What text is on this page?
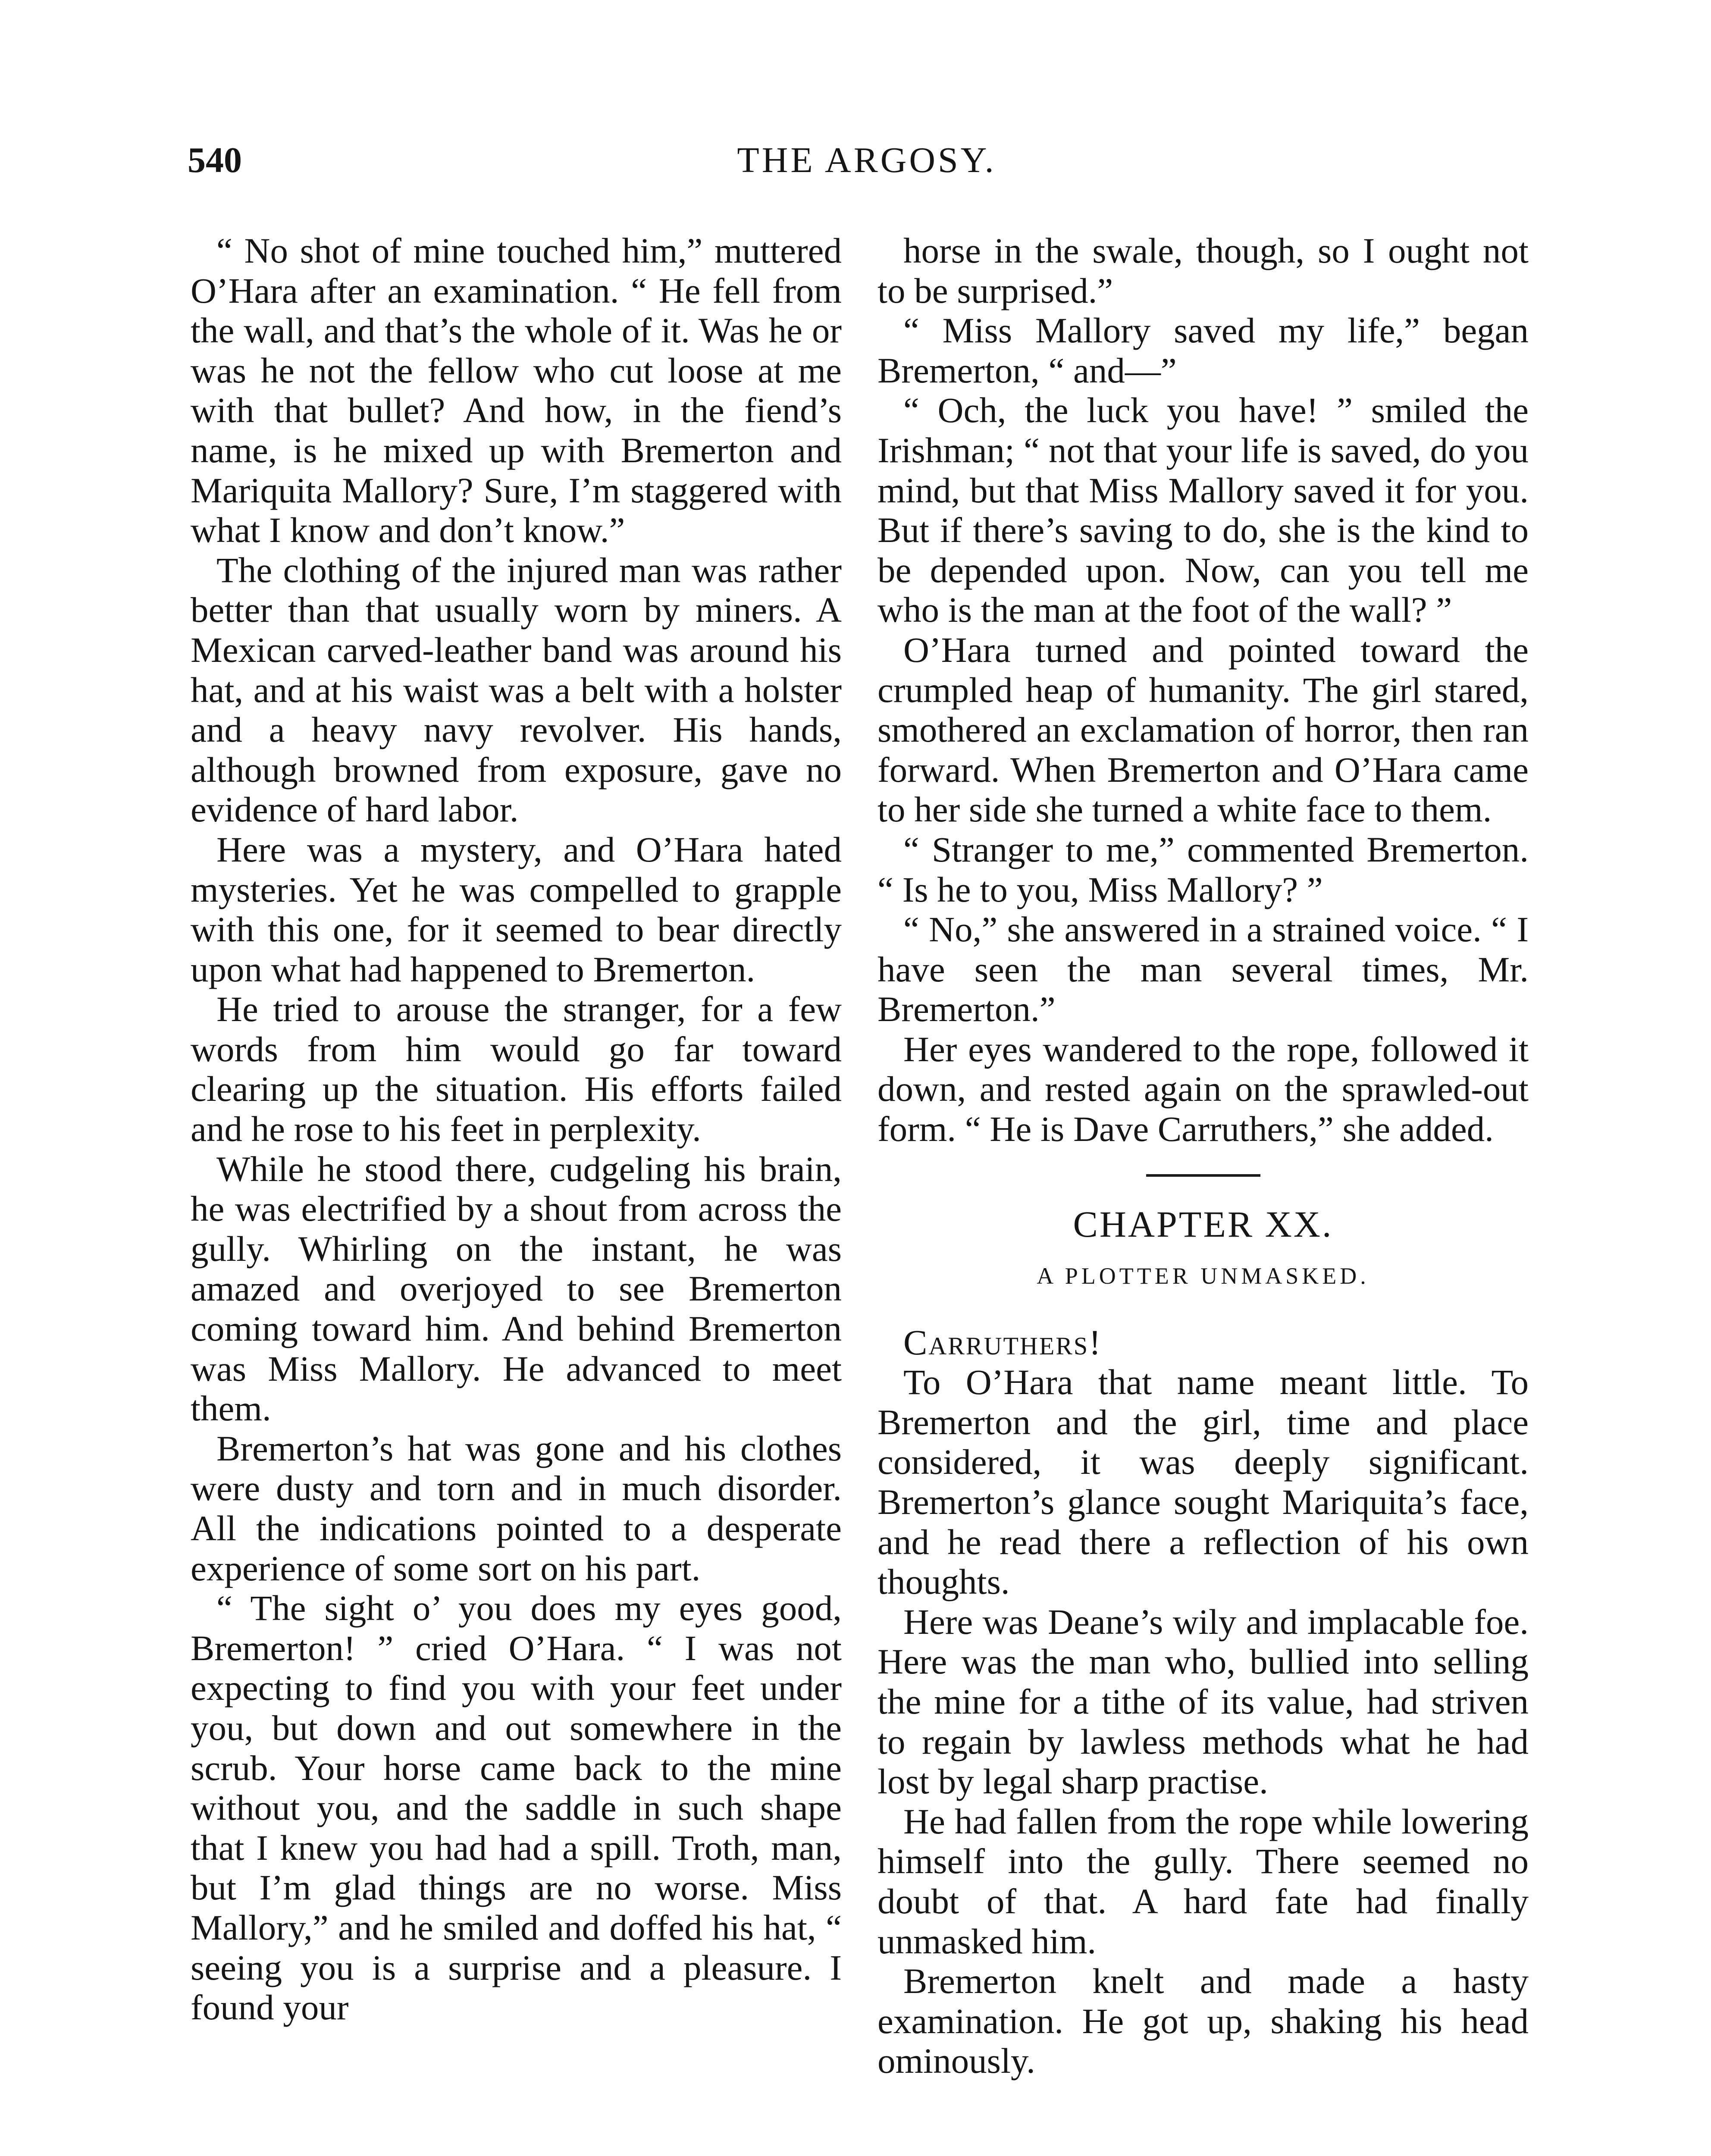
540	THE ARGOSY.

“ No shot of mine touched him,” muttered O’Hara after an examination. “ He fell from the wall, and that’s the whole of it. Was he or was he not the fellow who cut loose at me with that bullet? And how, in the fiend’s name, is he mixed up with Bremerton and Mariquita Mallory? Sure, I’m staggered with what I know and don’t know.”

The clothing of the injured man was rather better than that usually worn by miners. A Mexican carved-leather band was around his hat, and at his waist was a belt with a holster and a heavy navy revolver. His hands, although browned from exposure, gave no evidence of hard labor.

Here was a mystery, and O’Hara hated mysteries. Yet he was compelled to grapple with this one, for it seemed to bear directly upon what had happened to Bremerton.

He tried to arouse the stranger, for a few words from him would go far toward clearing up the situation. His efforts failed and he rose to his feet in perplexity.

While he stood there, cudgeling his brain, he was electrified by a shout from across the gully. Whirling on the instant, he was amazed and overjoyed to see Bremerton coming toward him. And behind Bremerton was Miss Mallory. He advanced to meet them.

Bremerton’s hat was gone and his clothes were dusty and torn and in much disorder. All the indications pointed to a desperate experience of some sort on his part.

“ The sight o’ you does my eyes good, Bremerton! ” cried O’Hara. “ I was not expecting to find you with your feet under you, but down and out somewhere in the scrub. Your horse came back to the mine without you, and the saddle in such shape that I knew you had had a spill. Troth, man, but I’m glad things are no worse. Miss Mallory,” and he smiled and doffed his hat, “ seeing you is a surprise and a pleasure. I found your

horse in the swale, though, so I ought not to be surprised.”

“ Miss Mallory saved my life,” began Bremerton, “ and—”

“ Och, the luck you have! ” smiled the Irishman; “ not that your life is saved, do you mind, but that Miss Mallory saved it for you. But if there’s saving to do, she is the kind to be depended upon. Now, can you tell me who is the man at the foot of the wall? ”

O’Hara turned and pointed toward the crumpled heap of humanity. The girl stared, smothered an exclamation of horror, then ran forward. When Bremerton and O’Hara came to her side she turned a white face to them.

“ Stranger to me,” commented Bremerton. “ Is he to you, Miss Mallory? ”

“ No,” she answered in a strained voice. “ I have seen the man several times, Mr. Bremerton.”

Her eyes wandered to the rope, followed it down, and rested again on the sprawled-out form. “ He is Dave Carruthers,” she added.

CHAPTER XX.
A PLOTTER UNMASKED.

Carruthers!

To O’Hara that name meant little. To Bremerton and the girl, time and place considered, it was deeply significant. Bremerton’s glance sought Mariquita’s face, and he read there a reflection of his own thoughts.

Here was Deane’s wily and implacable foe. Here was the man who, bullied into selling the mine for a tithe of its value, had striven to regain by lawless methods what he had lost by legal sharp practise.

He had fallen from the rope while lowering himself into the gully. There seemed no doubt of that. A hard fate had finally unmasked him.

Bremerton knelt and made a hasty examination. He got up, shaking his head ominously.
